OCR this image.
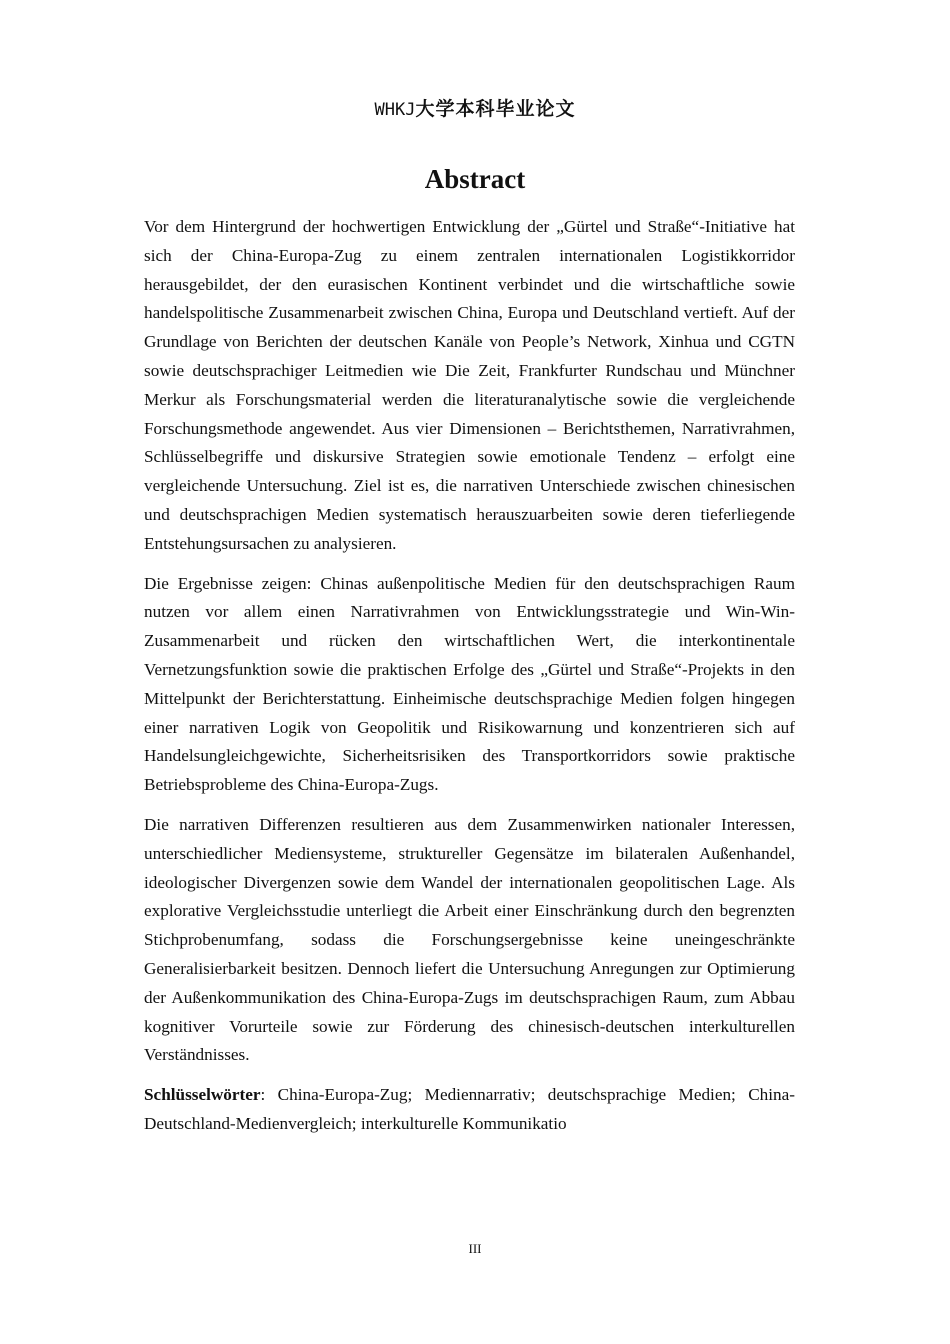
WHKJ大学本科毕业论文
Abstract

Vor dem Hintergrund der hochwertigen Entwicklung der „Gürtel und Straße“-Initiative hat sich der China-Europa-Zug zu einem zentralen internationalen Logistikkorridor herausgebildet, der den eurasischen Kontinent verbindet und die wirtschaftliche sowie handelspolitische Zusammenarbeit zwischen China, Europa und Deutschland vertieft. Auf der Grundlage von Berichten der deutschen Kanäle von People’s Network, Xinhua und CGTN sowie deutschsprachiger Leitmedien wie Die Zeit, Frankfurter Rundschau und Münchner Merkur als Forschungsmaterial werden die literaturanalytische sowie die vergleichende Forschungsmethode angewendet. Aus vier Dimensionen – Berichtsthemen, Narrativrahmen, Schlüsselbegriffe und diskursive Strategien sowie emotionale Tendenz – erfolgt eine vergleichende Untersuchung. Ziel ist es, die narrativen Unterschiede zwischen chinesischen und deutschsprachigen Medien systematisch herauszuarbeiten sowie deren tieferliegende Entstehungsursachen zu analysieren.

Die Ergebnisse zeigen: Chinas außenpolitische Medien für den deutschsprachigen Raum nutzen vor allem einen Narrativrahmen von Entwicklungsstrategie und Win-Win-Zusammenarbeit und rücken den wirtschaftlichen Wert, die interkontinentale Vernetzungsfunktion sowie die praktischen Erfolge des „Gürtel und Straße“-Projekts in den Mittelpunkt der Berichterstattung. Einheimische deutschsprachige Medien folgen hingegen einer narrativen Logik von Geopolitik und Risikowarnung und konzentrieren sich auf Handelsungleichgewichte, Sicherheitsrisiken des Transportkorridors sowie praktische Betriebsprobleme des China-Europa-Zugs.

Die narrativen Differenzen resultieren aus dem Zusammenwirken nationaler Interessen, unterschiedlicher Mediensysteme, struktureller Gegensätze im bilateralen Außenhandel, ideologischer Divergenzen sowie dem Wandel der internationalen geopolitischen Lage. Als explorative Vergleichsstudie unterliegt die Arbeit einer Einschränkung durch den begrenzten Stichprobenumfang, sodass die Forschungsergebnisse keine uneingeschränkte Generalisierbarkeit besitzen. Dennoch liefert die Untersuchung Anregungen zur Optimierung der Außenkommunikation des China-Europa-Zugs im deutschsprachigen Raum, zum Abbau kognitiver Vorurteile sowie zur Förderung des chinesisch-deutschen interkulturellen Verständnisses.

Schlüsselwörter: China-Europa-Zug; Mediennarrativ; deutschsprachige Medien; China-Deutschland-Medienvergleich; interkulturelle Kommunikatio

III
